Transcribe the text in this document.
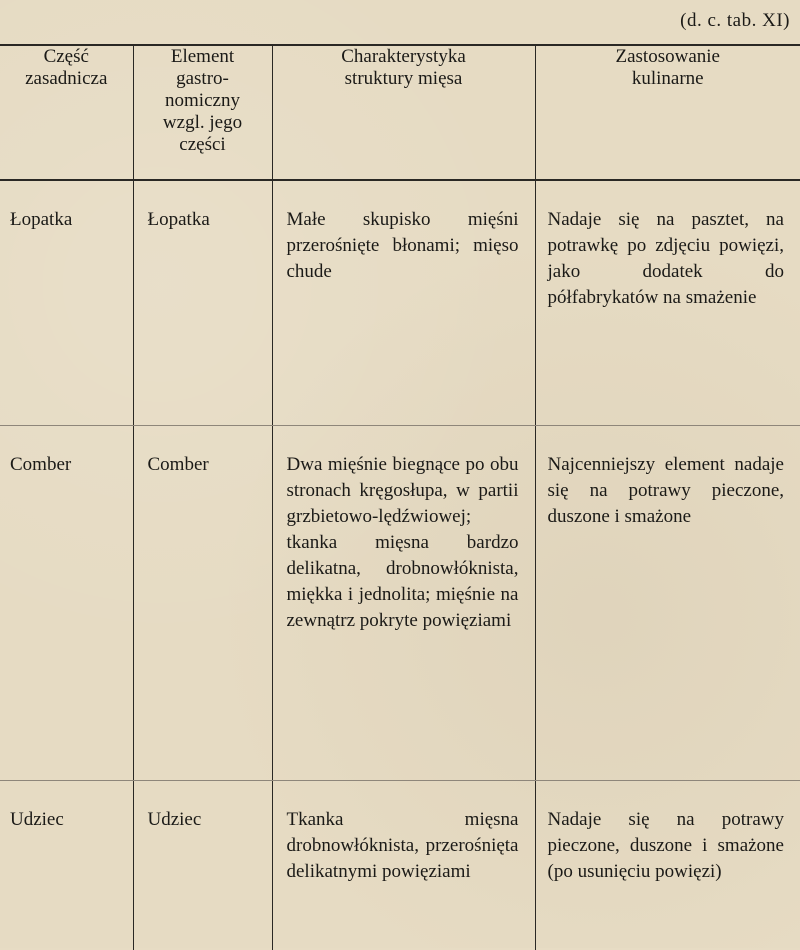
(d. c. tab. XI)
Część zasadnicza	Element gastro-nomiczny wzgl. jego części	Charakterystyka struktury mięsa	Zastosowanie kulinarne

Łopatka	Łopatka	Małe skupisko mięśni przerośnięte błonami; mięso chude	Nadaje się na pasztet, na potrawkę po zdjęciu powięzi, jako dodatek do półfabrykatów na smażenie

Comber	Comber	Dwa mięśnie biegnące po obu stronach kręgosłupa, w partii grzbietowo-lędźwiowej; tkanka mięsna bardzo delikatna, drobnowłóknista, miękka i jednolita; mięśnie na zewnątrz pokryte powięziami	Najcenniejszy element nadaje się na potrawy pieczone, duszone i smażone

Udziec	Udziec	Tkanka mięsna drobnowłóknista, przerośnięta delikatnymi powięziami	Nadaje się na potrawy pieczone, duszone i smażone (po usunięciu powięzi)
